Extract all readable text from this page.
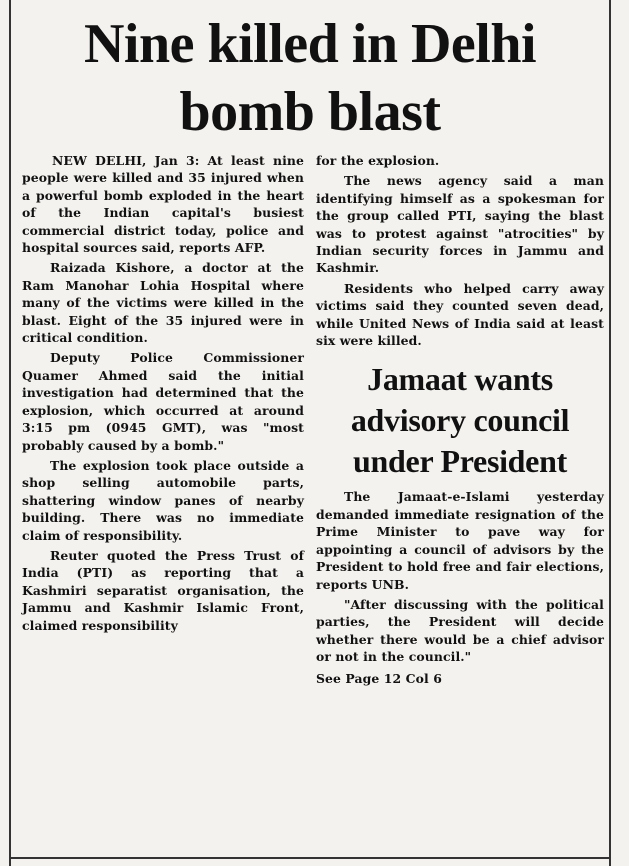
Nine killed in Delhi bomb blast

NEW DELHI, Jan 3: At least nine people were killed and 35 injured when a powerful bomb exploded in the heart of the Indian capital's busiest commercial district today, police and hospital sources said, reports AFP.

Raizada Kishore, a doctor at the Ram Manohar Lohia Hospital where many of the victims were killed in the blast. Eight of the 35 injured were in critical condition.

Deputy Police Commissioner Quamer Ahmed said the initial investigation had determined that the explosion, which occurred at around 3:15 pm (0945 GMT), was "most probably caused by a bomb."

The explosion took place outside a shop selling automobile parts, shattering window panes of nearby building. There was no immediate claim of responsibility.

Reuter quoted the Press Trust of India (PTI) as reporting that a Kashmiri separatist organisation, the Jammu and Kashmir Islamic Front, claimed responsibility

for the explosion.

The news agency said a man identifying himself as a spokesman for the group called PTI, saying the blast was to protest against "atrocities" by Indian security forces in Jammu and Kashmir.

Residents who helped carry away victims said they counted seven dead, while United News of India said at least six were killed.

Jamaat wants advisory council under President

The Jamaat-e-Islami yesterday demanded immediate resignation of the Prime Minister to pave way for appointing a council of advisors by the President to hold free and fair elections, reports UNB.

"After discussing with the political parties, the President will decide whether there would be a chief advisor or not in the council."

See Page 12 Col 6
